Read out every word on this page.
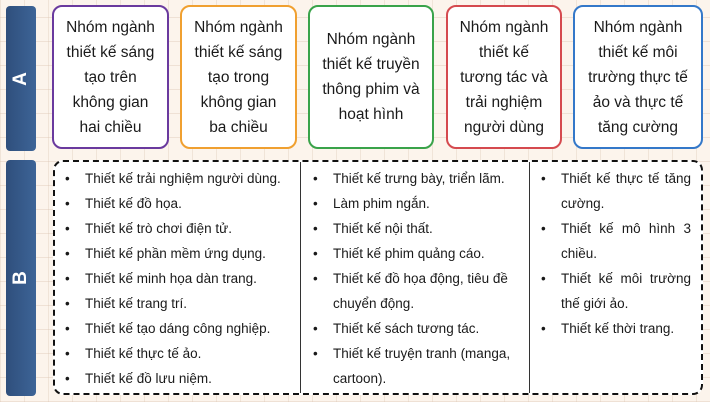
A
B
Nhóm ngành
thiết kế sáng
tạo trên
không gian
hai chiều
Nhóm ngành
thiết kế sáng
tạo trong
không gian
ba chiều
Nhóm ngành
thiết kế truyền
thông phim và
hoạt hình
Nhóm ngành
thiết kế
tương tác và
trải nghiệm
người dùng
Nhóm ngành
thiết kế môi
trường thực tế
ảo và thực tế
tăng cường
• Thiết kế trải nghiệm người dùng.
• Thiết kế đồ họa.
• Thiết kế trò chơi điện tử.
• Thiết kế phần mềm ứng dụng.
• Thiết kế minh họa dàn trang.
• Thiết kế trang trí.
• Thiết kế tạo dáng công nghiệp.
• Thiết kế thực tế ảo.
• Thiết kế đồ lưu niệm.
• Thiết kế trưng bày, triển lãm.
• Làm phim ngắn.
• Thiết kế nội thất.
• Thiết kế phim quảng cáo.
• Thiết kế đồ họa động, tiêu đề chuyển động.
• Thiết kế sách tương tác.
• Thiết kế truyện tranh (manga, cartoon).
• Thiết kế thực tế tăng cường.
• Thiết kế mô hình 3 chiều.
• Thiết kế môi trường thế giới ảo.
• Thiết kế thời trang.
